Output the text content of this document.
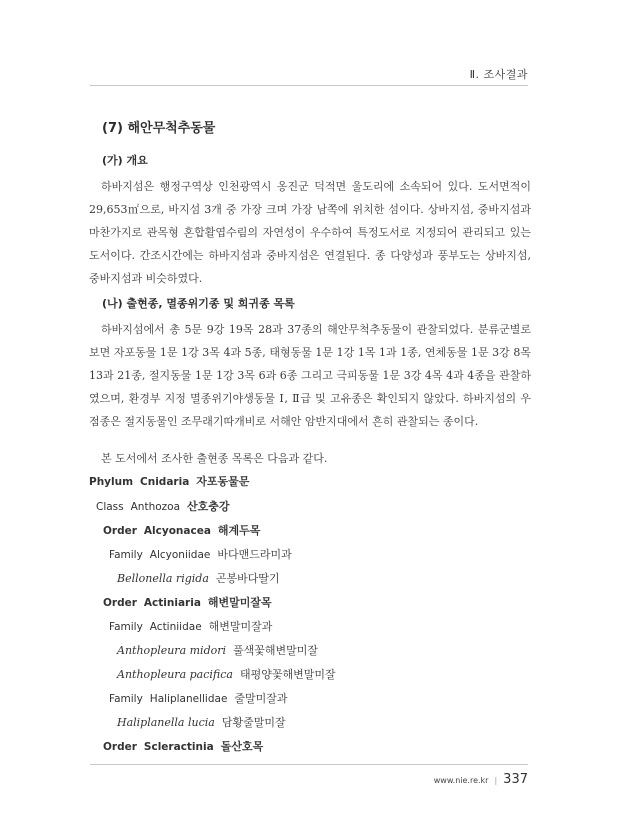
Ⅱ. 조사결과
(7) 해안무척추동물
(가) 개요

하바지섬은 행정구역상 인천광역시 옹진군 덕적면 울도리에 소속되어 있다. 도서면적이 29,653㎡으로, 바지섬 3개 중 가장 크며 가장 남쪽에 위치한 섬이다. 상바지섬, 중바지섬과 마찬가지로 관목형 혼합활엽수림의 자연성이 우수하여 특정도서로 지정되어 관리되고 있는 도서이다. 간조시간에는 하바지섬과 중바지섬은 연결된다. 종 다양성과 풍부도는 상바지섬, 중바지섬과 비슷하였다.

(나) 출현종, 멸종위기종 및 희귀종 목록

하바지섬에서 총 5문 9강 19목 28과 37종의 해안무척추동물이 관찰되었다. 분류군별로 보면 자포동물 1문 1강 3목 4과 5종, 태형동물 1문 1강 1목 1과 1종, 연체동물 1문 3강 8목 13과 21종, 절지동물 1문 1강 3목 6과 6종 그리고 극피동물 1문 3강 4목 4과 4종을 관찰하였으며, 환경부 지정 멸종위기야생동물 Ⅰ, Ⅱ급 및 고유종은 확인되지 않았다. 하바지섬의 우점종은 절지동물인 조무래기따개비로 서해안 암반지대에서 흔히 관찰되는 종이다.

본 도서에서 조사한 출현종 목록은 다음과 같다.

Phylum Cnidaria 자포동물문
Class Anthozoa 산호충강
Order Alcyonacea 해계두목
Family Alcyoniidae 바다맨드라미과
Bellonella rigida 곤봉바다딸기
Order Actiniaria 해변말미잘목
Family Actiniidae 해변말미잘과
Anthopleura midori 풀색꽃해변말미잘
Anthopleura pacifica 태평양꽃해변말미잘
Family Haliplanellidae 줄말미잘과
Haliplanella lucia 담황줄말미잘
Order Scleractinia 돌산호목
www.nie.re.kr | 337
